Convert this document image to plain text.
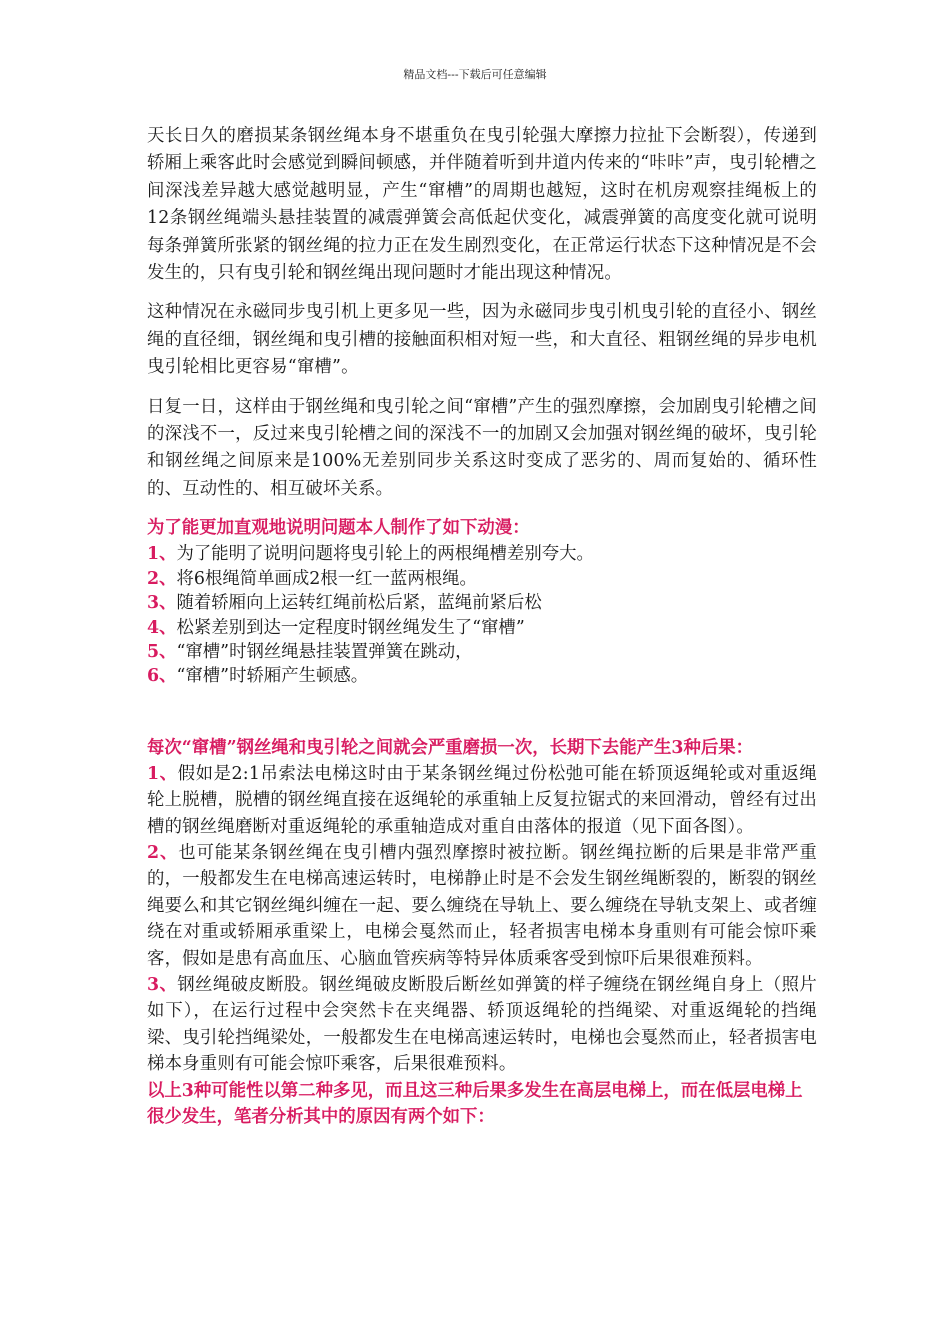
精品文档---下载后可任意编辑

天长日久的磨损某条钢丝绳本身不堪重负在曳引轮强大摩擦力拉扯下会断裂），传递到轿厢上乘客此时会感觉到瞬间顿感，并伴随着听到井道内传来的“咔咔”声，曳引轮槽之间深浅差异越大感觉越明显，产生“窜槽”的周期也越短，这时在机房观察挂绳板上的12条钢丝绳端头悬挂装置的减震弹簧会高低起伏变化，减震弹簧的高度变化就可说明每条弹簧所张紧的钢丝绳的拉力正在发生剧烈变化，在正常运行状态下这种情况是不会发生的，只有曳引轮和钢丝绳出现问题时才能出现这种情况。

这种情况在永磁同步曳引机上更多见一些，因为永磁同步曳引机曳引轮的直径小、钢丝绳的直径细，钢丝绳和曳引槽的接触面积相对短一些，和大直径、粗钢丝绳的异步电机曳引轮相比更容易“窜槽”。

日复一日，这样由于钢丝绳和曳引轮之间“窜槽”产生的强烈摩擦，会加剧曳引轮槽之间的深浅不一，反过来曳引轮槽之间的深浅不一的加剧又会加强对钢丝绳的破坏，曳引轮和钢丝绳之间原来是100%无差别同步关系这时变成了恶劣的、周而复始的、循环性的、互动性的、相互破坏关系。

为了能更加直观地说明问题本人制作了如下动漫：

1、为了能明了说明问题将曳引轮上的两根绳槽差别夸大。

2、将6根绳简单画成2根一红一蓝两根绳。

3、随着轿厢向上运转红绳前松后紧，蓝绳前紧后松

4、松紧差别到达一定程度时钢丝绳发生了“窜槽”

5、“窜槽”时钢丝绳悬挂装置弹簧在跳动，

6、“窜槽”时轿厢产生顿感。

每次“窜槽”钢丝绳和曳引轮之间就会严重磨损一次，长期下去能产生3种后果：

1、假如是2:1吊索法电梯这时由于某条钢丝绳过份松弛可能在轿顶返绳轮或对重返绳轮上脱槽，脱槽的钢丝绳直接在返绳轮的承重轴上反复拉锯式的来回滑动，曾经有过出槽的钢丝绳磨断对重返绳轮的承重轴造成对重自由落体的报道（见下面各图）。

2、也可能某条钢丝绳在曳引槽内强烈摩擦时被拉断。钢丝绳拉断的后果是非常严重的，一般都发生在电梯高速运转时，电梯静止时是不会发生钢丝绳断裂的，断裂的钢丝绳要么和其它钢丝绳纠缠在一起、要么缠绕在导轨上、要么缠绕在导轨支架上、或者缠绕在对重或轿厢承重梁上，电梯会戛然而止，轻者损害电梯本身重则有可能会惊吓乘客，假如是患有高血压、心脑血管疾病等特异体质乘客受到惊吓后果很难预料。

3、钢丝绳破皮断股。钢丝绳破皮断股后断丝如弹簧的样子缠绕在钢丝绳自身上（照片如下），在运行过程中会突然卡在夹绳器、轿顶返绳轮的挡绳梁、对重返绳轮的挡绳梁、曳引轮挡绳梁处，一般都发生在电梯高速运转时，电梯也会戛然而止，轻者损害电梯本身重则有可能会惊吓乘客，后果很难预料。

以上3种可能性以第二种多见，而且这三种后果多发生在高层电梯上，而在低层电梯上很少发生，笔者分析其中的原因有两个如下：
